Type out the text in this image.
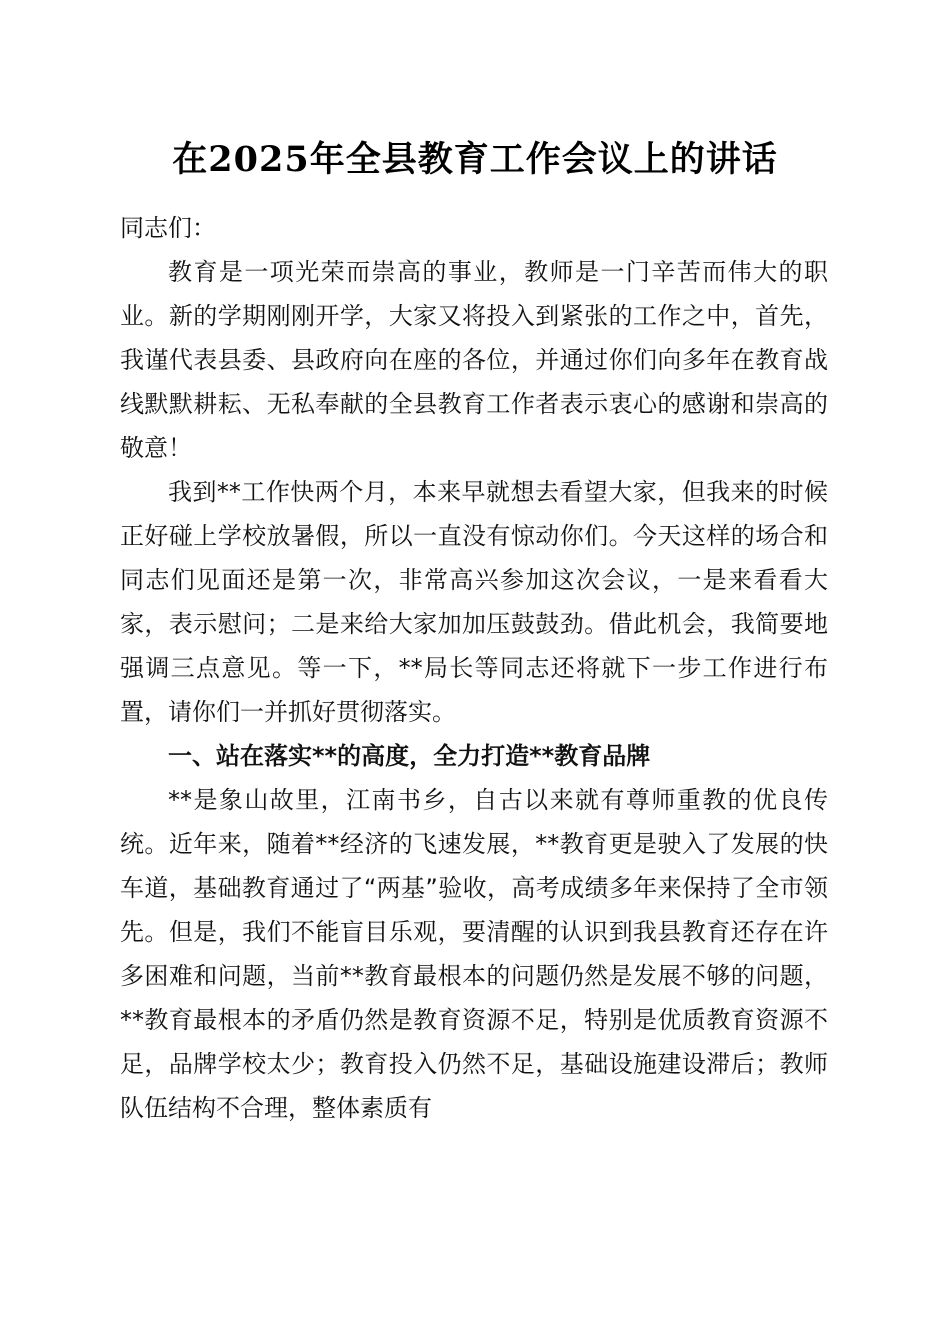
在2025年全县教育工作会议上的讲话

同志们：

教育是一项光荣而崇高的事业，教师是一门辛苦而伟大的职业。新的学期刚刚开学，大家又将投入到紧张的工作之中，首先，我谨代表县委、县政府向在座的各位，并通过你们向多年在教育战线默默耕耘、无私奉献的全县教育工作者表示衷心的感谢和崇高的敬意！

我到**工作快两个月，本来早就想去看望大家，但我来的时候正好碰上学校放暑假，所以一直没有惊动你们。今天这样的场合和同志们见面还是第一次，非常高兴参加这次会议，一是来看看大家，表示慰问；二是来给大家加加压鼓鼓劲。借此机会，我简要地强调三点意见。等一下，**局长等同志还将就下一步工作进行布置，请你们一并抓好贯彻落实。

一、站在落实**的高度，全力打造**教育品牌

**是象山故里，江南书乡，自古以来就有尊师重教的优良传统。近年来，随着**经济的飞速发展，**教育更是驶入了发展的快车道，基础教育通过了“两基”验收，高考成绩多年来保持了全市领先。但是，我们不能盲目乐观，要清醒的认识到我县教育还存在许多困难和问题，当前**教育最根本的问题仍然是发展不够的问题，**教育最根本的矛盾仍然是教育资源不足，特别是优质教育资源不足，品牌学校太少；教育投入仍然不足，基础设施建设滞后；教师队伍结构不合理，整体素质有
